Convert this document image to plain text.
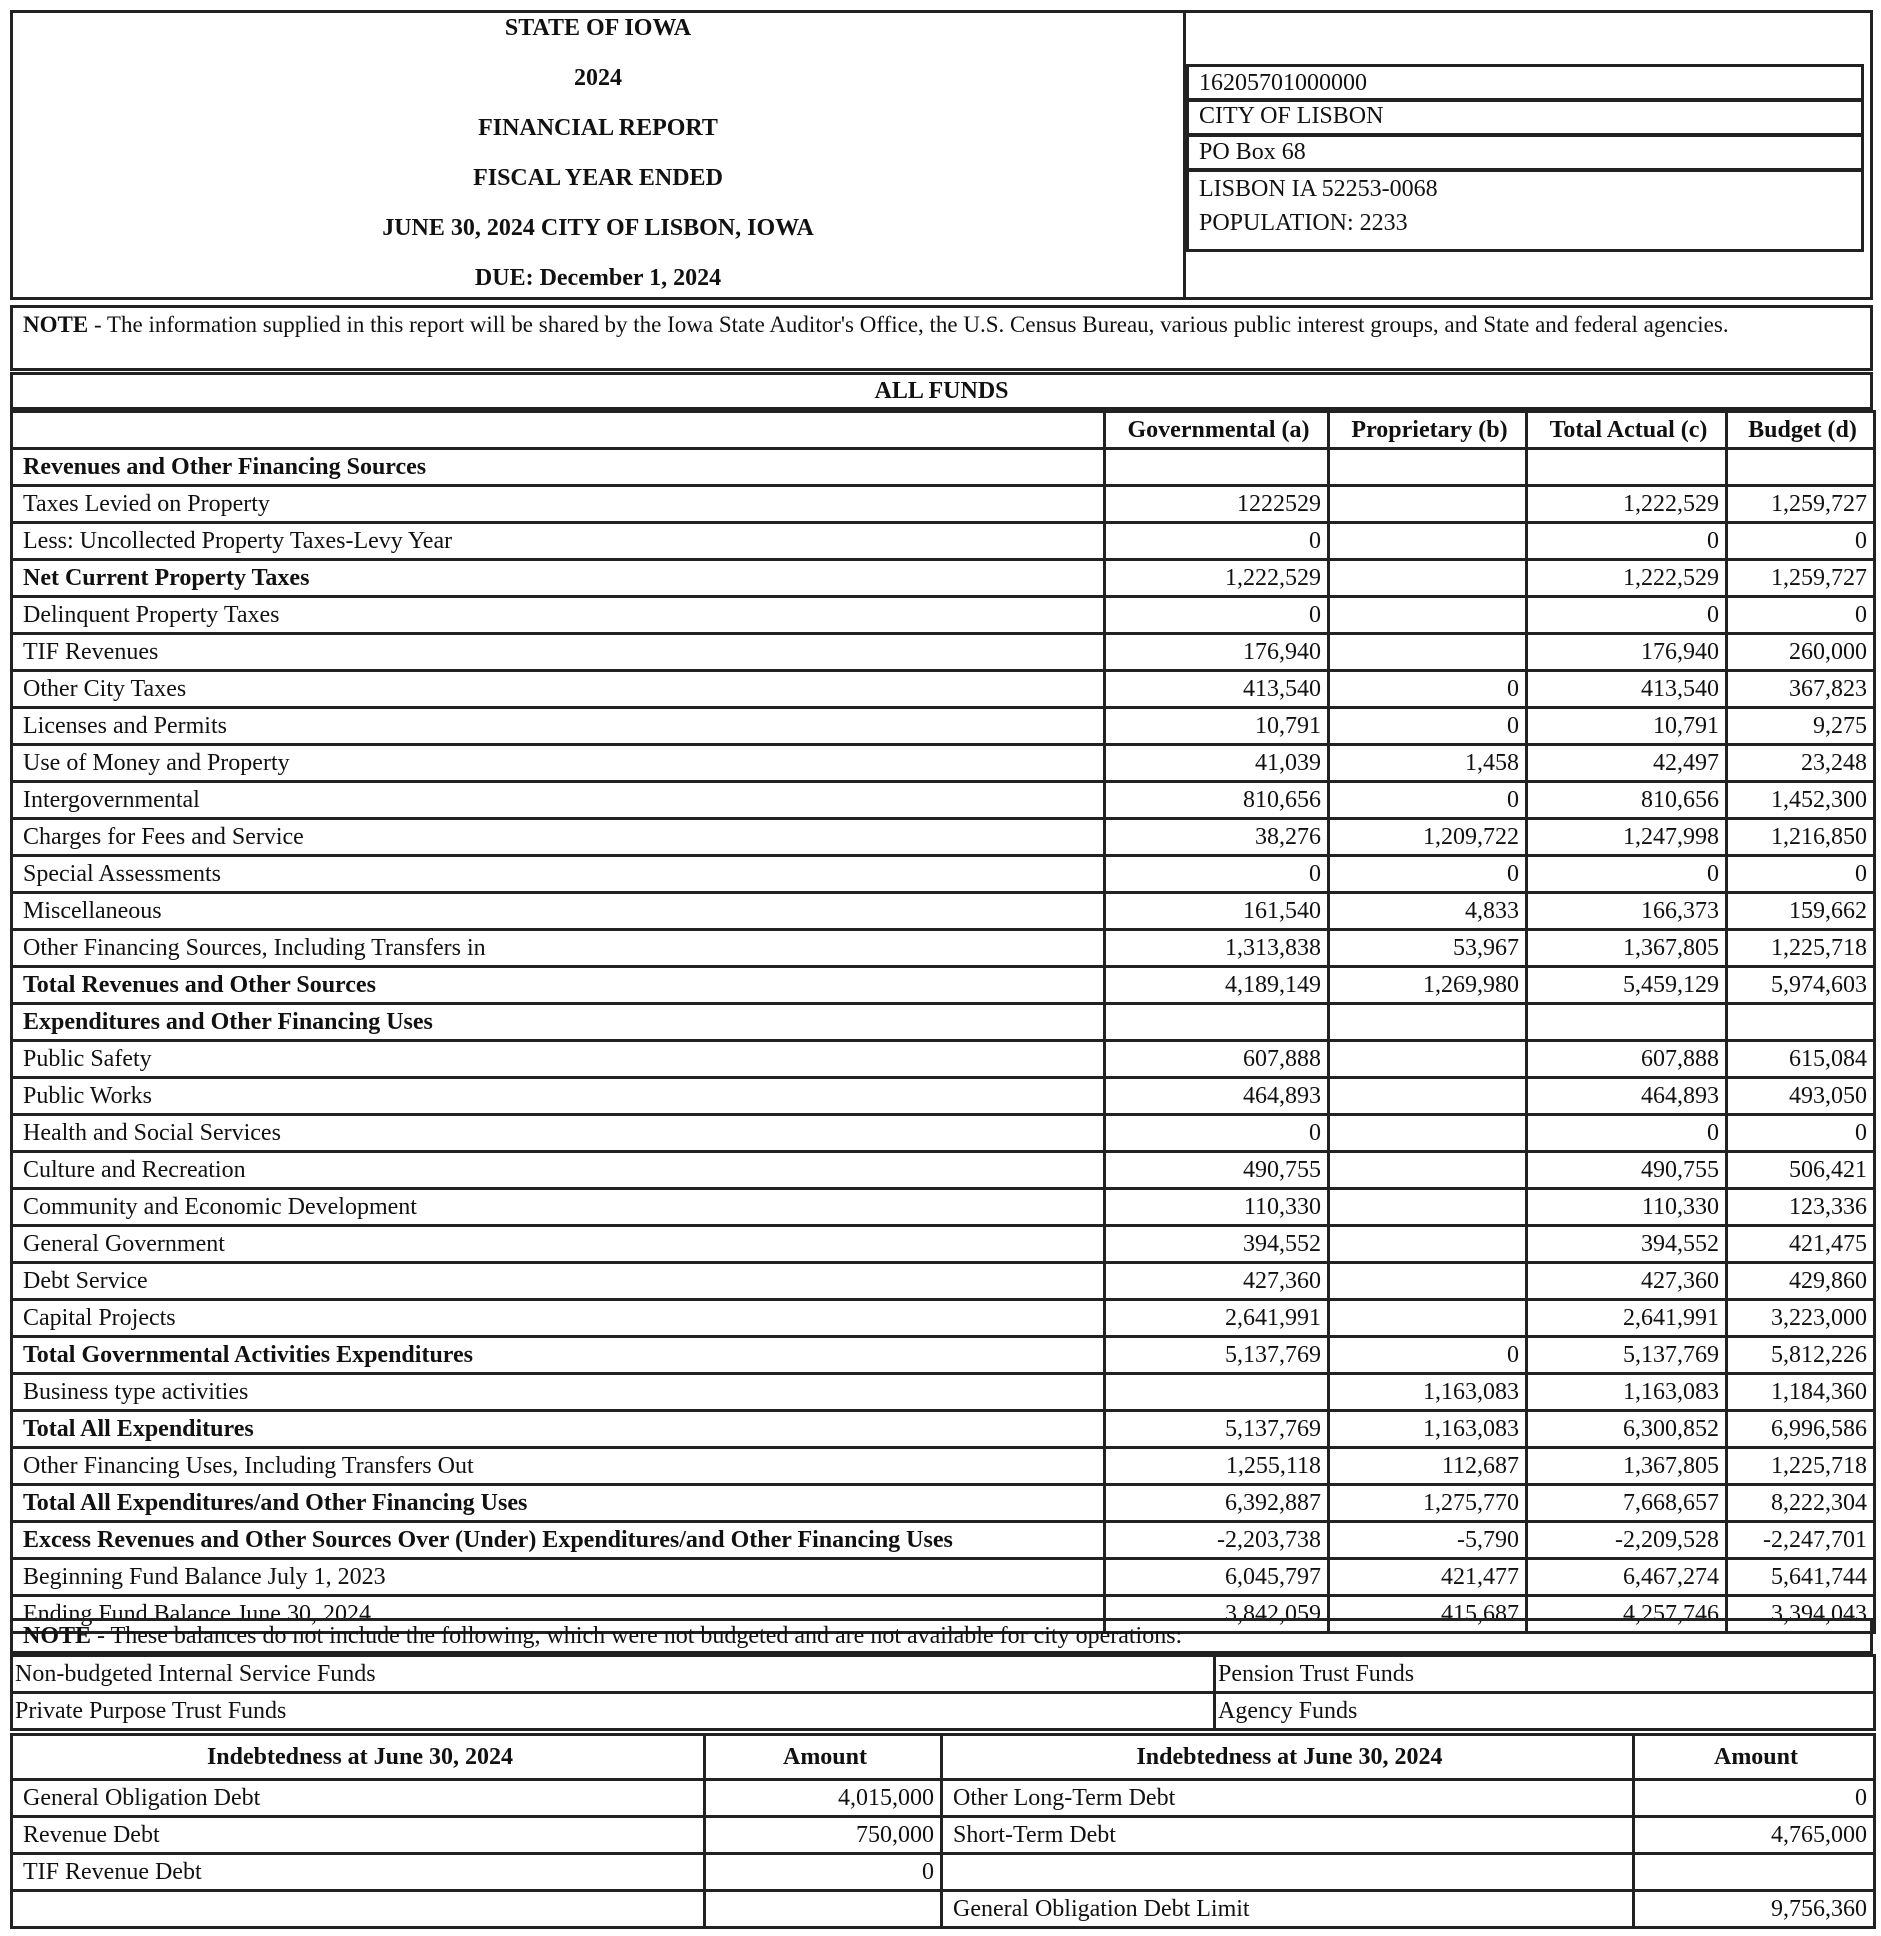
STATE OF IOWA
2024
FINANCIAL REPORT
FISCAL YEAR ENDED
JUNE 30, 2024 CITY OF LISBON, IOWA
DUE: December 1, 2024
16205701000000
CITY OF LISBON
PO Box 68
LISBON IA 52253-0068
POPULATION: 2233
NOTE - The information supplied in this report will be shared by the Iowa State Auditor's Office, the U.S. Census Bureau, various public interest groups, and State and federal agencies.
ALL FUNDS
	Governmental (a)	Proprietary (b)	Total Actual (c)	Budget (d)
Revenues and Other Financing Sources				
Taxes Levied on Property	1222529		1,222,529	1,259,727
Less: Uncollected Property Taxes-Levy Year	0		0	0
Net Current Property Taxes	1,222,529		1,222,529	1,259,727
Delinquent Property Taxes	0		0	0
TIF Revenues	176,940		176,940	260,000
Other City Taxes	413,540	0	413,540	367,823
Licenses and Permits	10,791	0	10,791	9,275
Use of Money and Property	41,039	1,458	42,497	23,248
Intergovernmental	810,656	0	810,656	1,452,300
Charges for Fees and Service	38,276	1,209,722	1,247,998	1,216,850
Special Assessments	0	0	0	0
Miscellaneous	161,540	4,833	166,373	159,662
Other Financing Sources, Including Transfers in	1,313,838	53,967	1,367,805	1,225,718
Total Revenues and Other Sources	4,189,149	1,269,980	5,459,129	5,974,603
Expenditures and Other Financing Uses				
Public Safety	607,888		607,888	615,084
Public Works	464,893		464,893	493,050
Health and Social Services	0		0	0
Culture and Recreation	490,755		490,755	506,421
Community and Economic Development	110,330		110,330	123,336
General Government	394,552		394,552	421,475
Debt Service	427,360		427,360	429,860
Capital Projects	2,641,991		2,641,991	3,223,000
Total Governmental Activities Expenditures	5,137,769	0	5,137,769	5,812,226
Business type activities		1,163,083	1,163,083	1,184,360
Total All Expenditures	5,137,769	1,163,083	6,300,852	6,996,586
Other Financing Uses, Including Transfers Out	1,255,118	112,687	1,367,805	1,225,718
Total All Expenditures/and Other Financing Uses	6,392,887	1,275,770	7,668,657	8,222,304
Excess Revenues and Other Sources Over (Under) Expenditures/and Other Financing Uses	-2,203,738	-5,790	-2,209,528	-2,247,701
Beginning Fund Balance July 1, 2023	6,045,797	421,477	6,467,274	5,641,744
Ending Fund Balance June 30, 2024	3,842,059	415,687	4,257,746	3,394,043
NOTE - These balances do not include the following, which were not budgeted and are not available for city operations:
Non-budgeted Internal Service Funds	Pension Trust Funds
Private Purpose Trust Funds	Agency Funds
Indebtedness at June 30, 2024	Amount	Indebtedness at June 30, 2024	Amount
General Obligation Debt	4,015,000	Other Long-Term Debt	0
Revenue Debt	750,000	Short-Term Debt	4,765,000
TIF Revenue Debt	0		
		General Obligation Debt Limit	9,756,360
